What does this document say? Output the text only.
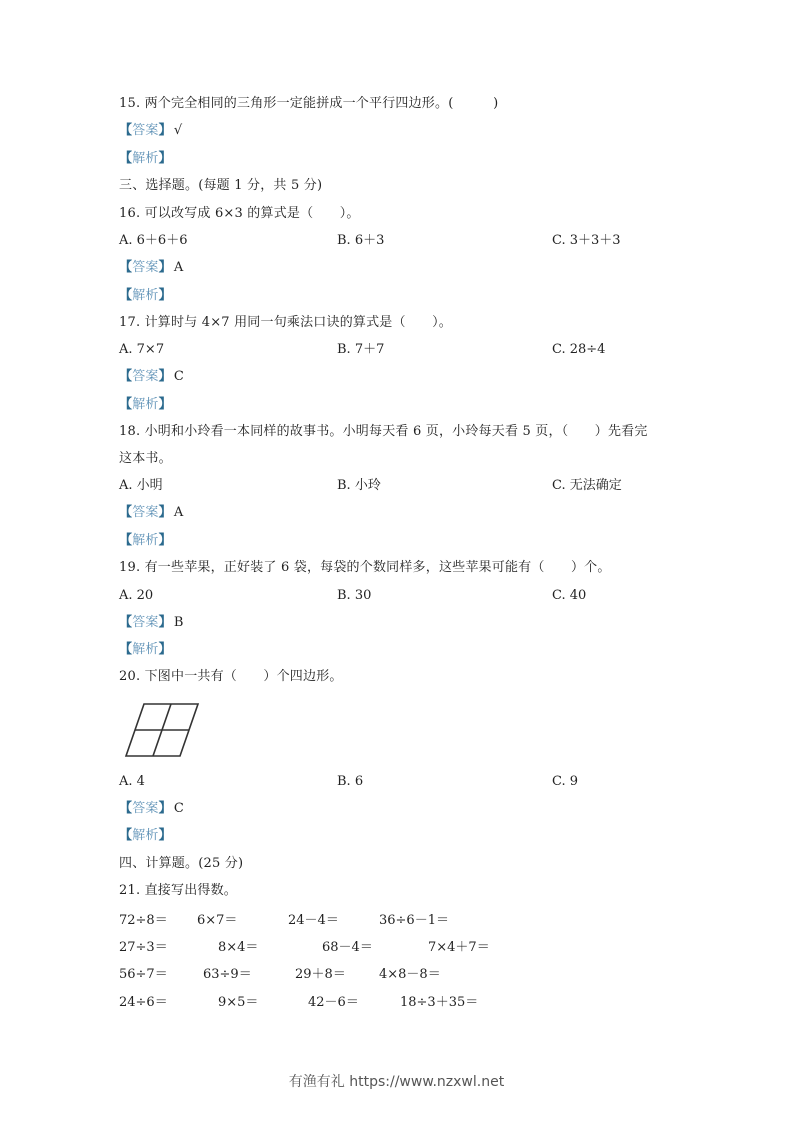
15. 两个完全相同的三角形一定能拼成一个平行四边形。(　　　)
【答案】 √
【解析】
三、选择题。(每题 1 分，共 5 分)
16. 可以改写成 6×3 的算式是（　　）。
A. 6＋6＋6	B. 6＋3	C. 3＋3＋3
【答案】 A
【解析】
17. 计算时与 4×7 用同一句乘法口诀的算式是（　　）。
A. 7×7	B. 7＋7	C. 28÷4
【答案】 C
【解析】
18. 小明和小玲看一本同样的故事书。小明每天看 6 页，小玲每天看 5 页，（　　）先看完
这本书。
A. 小明	B. 小玲	C. 无法确定
【答案】 A
【解析】
19. 有一些苹果，正好装了 6 袋，每袋的个数同样多，这些苹果可能有（　　）个。
A. 20	B. 30	C. 40
【答案】 B
【解析】
20. 下图中一共有（　　）个四边形。
A. 4	B. 6	C. 9
【答案】 C
【解析】
四、计算题。(25 分)
21. 直接写出得数。
72÷8＝ 6×7＝	24－4＝	36÷6－1＝
27÷3＝	8×4＝	68－4＝	7×4＋7＝
56÷7＝	63÷9＝	29＋8＝	4×8－8＝
24÷6＝	9×5＝	42－6＝	18÷3＋35＝
有渔有礼 https://www.nzxwl.net
